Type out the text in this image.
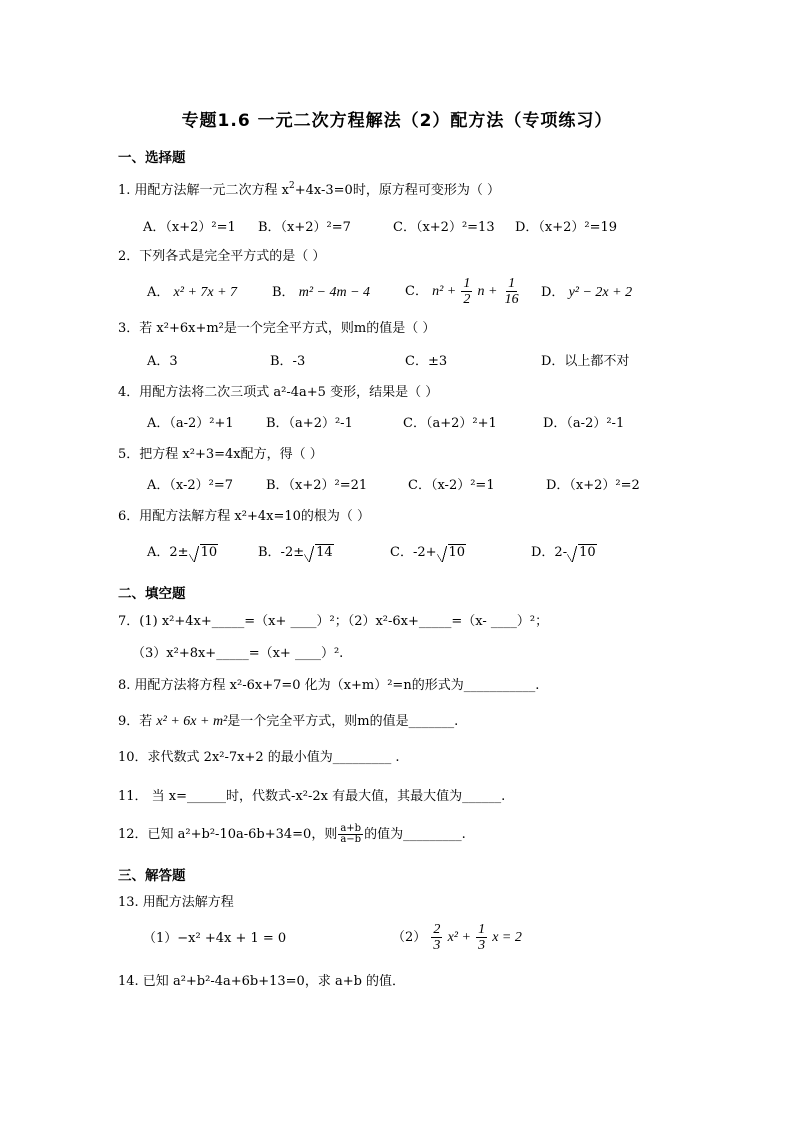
专题1.6 一元二次方程解法（2）配方法（专项练习）
一、选择题
1. 用配方法解一元二次方程 $x^2+4x-3=0$时，原方程可变形为（ ）
A．（x+2）²=1 B．（x+2）²=7	C．（x+2）²=13 D．（x+2）²=19
2．下列各式是完全平方式的是（ ）
A． x² + 7x + 7	B． m² − 4m − 4	C． $n^2 + \frac{1}{2}$ $n + \frac{1}{16}$ D． y² − 2x + 2
3．若 x²+6x+m²是一个完全平方式，则m的值是（ ）
A．3	B．-3	C．±3	D．以上都不对
4．用配方法将二次三项式 a²-4a+5 变形，结果是（ ）
A．（a-2）²+1 B．（a+2）²-1	C．（a+2）²+1	D．（a-2）²-1
5．把方程 x²+3=4x配方，得（ ）
A．（x-2）²=7	B．（x+2）²=21	C．（x-2）²=1	D．（x+2）²=2
6．用配方法解方程 x²+4x=10的根为（ ）
A．2± 10	B．-2± 14	C．-2+ 10	D．2- 10
二、填空题
7．(1) x²+4x+_____=（x+ ____）²；（2）x²-6x+_____=（x- ____）²；
（3）x²+8x+_____=（x+ ____）².
8. 用配方法将方程 x²-6x+7=0 化为（x+m）²=n的形式为___________.
9．若 x² + 6x + m²是一个完全平方式，则m的值是_______.
10．求代数式 2x²-7x+2 的最小值为_________ .
11． 当 x=______时，代数式-x²-2x 有最大值，其最大值为______.
12．已知 a²+b²-10a-6b+34=0，则 $\frac{a+b}{a-b}$ 的值为_________.
三、解答题
13. 用配方法解方程
（1）−x² +4x + 1 = 0	$(2) \frac{2}{3} x^2 + \frac{1}{3}$ x = 2
14. 已知 a²+b²-4a+6b+13=0，求 a+b 的值．
